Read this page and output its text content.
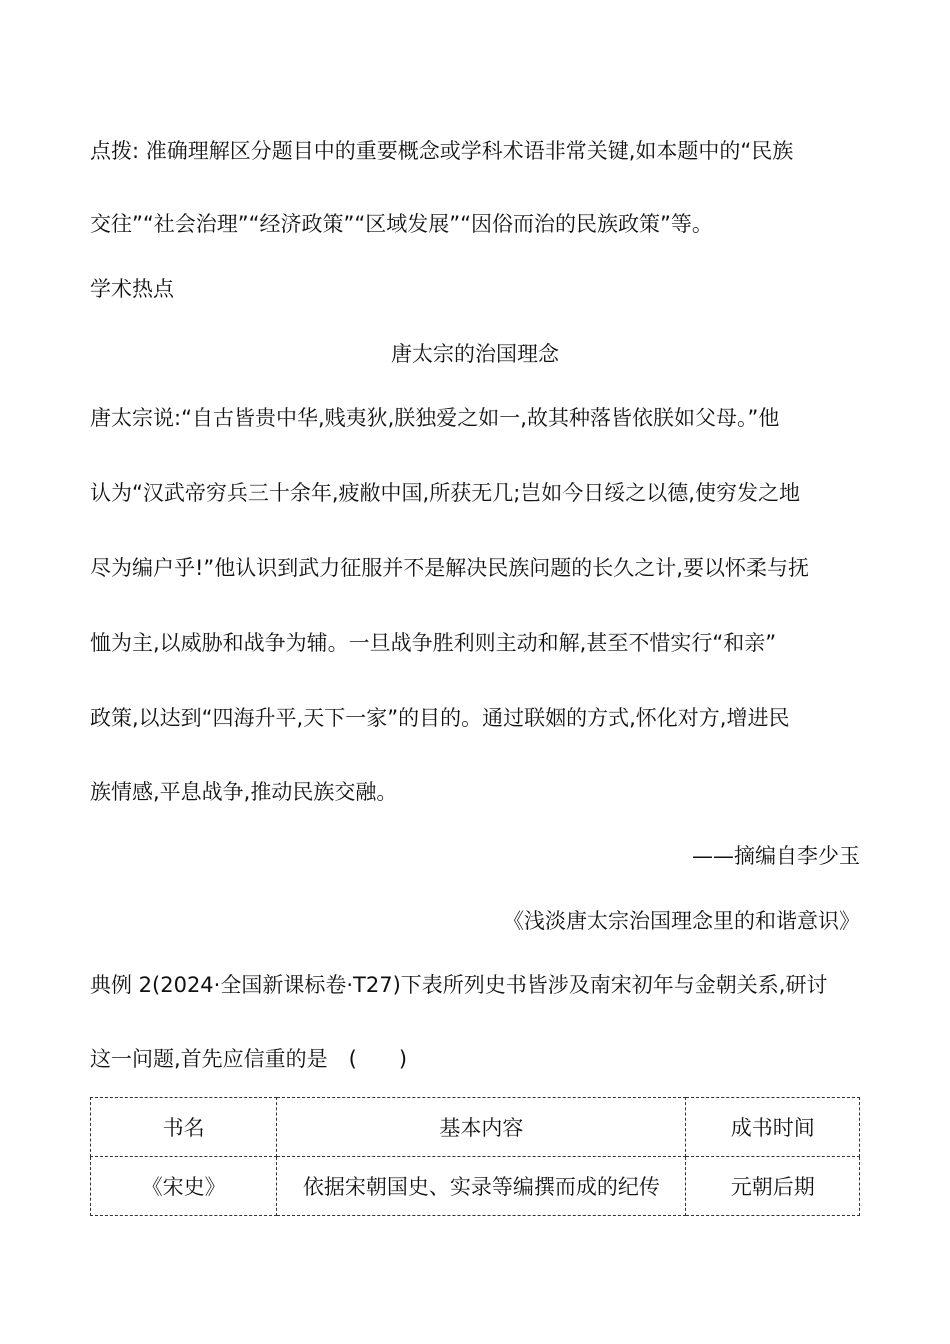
点拨: 准确理解区分题目中的重要概念或学科术语非常关键,如本题中的“民族
交往”“社会治理”“经济政策”“区域发展”“因俗而治的民族政策”等。
学术热点
唐太宗的治国理念
唐太宗说:“自古皆贵中华,贱夷狄,朕独爱之如一,故其种落皆依朕如父母。”他
认为“汉武帝穷兵三十余年,疲敝中国,所获无几;岂如今日绥之以德,使穷发之地
尽为编户乎!”他认识到武力征服并不是解决民族问题的长久之计,要以怀柔与抚
恤为主,以威胁和战争为辅。一旦战争胜利则主动和解,甚至不惜实行“和亲”
政策,以达到“四海升平,天下一家”的目的。通过联姻的方式,怀化对方,增进民
族情感,平息战争,推动民族交融。
——摘编自李少玉
《浅淡唐太宗治国理念里的和谐意识》
典例 2(2024·全国新课标卷·T27)下表所列史书皆涉及南宋初年与金朝关系,研讨
这一问题,首先应信重的是　(　　)
书名	基本内容	成书时间
《宋史》	依据宋朝国史、实录等编撰而成的纪传	元朝后期
